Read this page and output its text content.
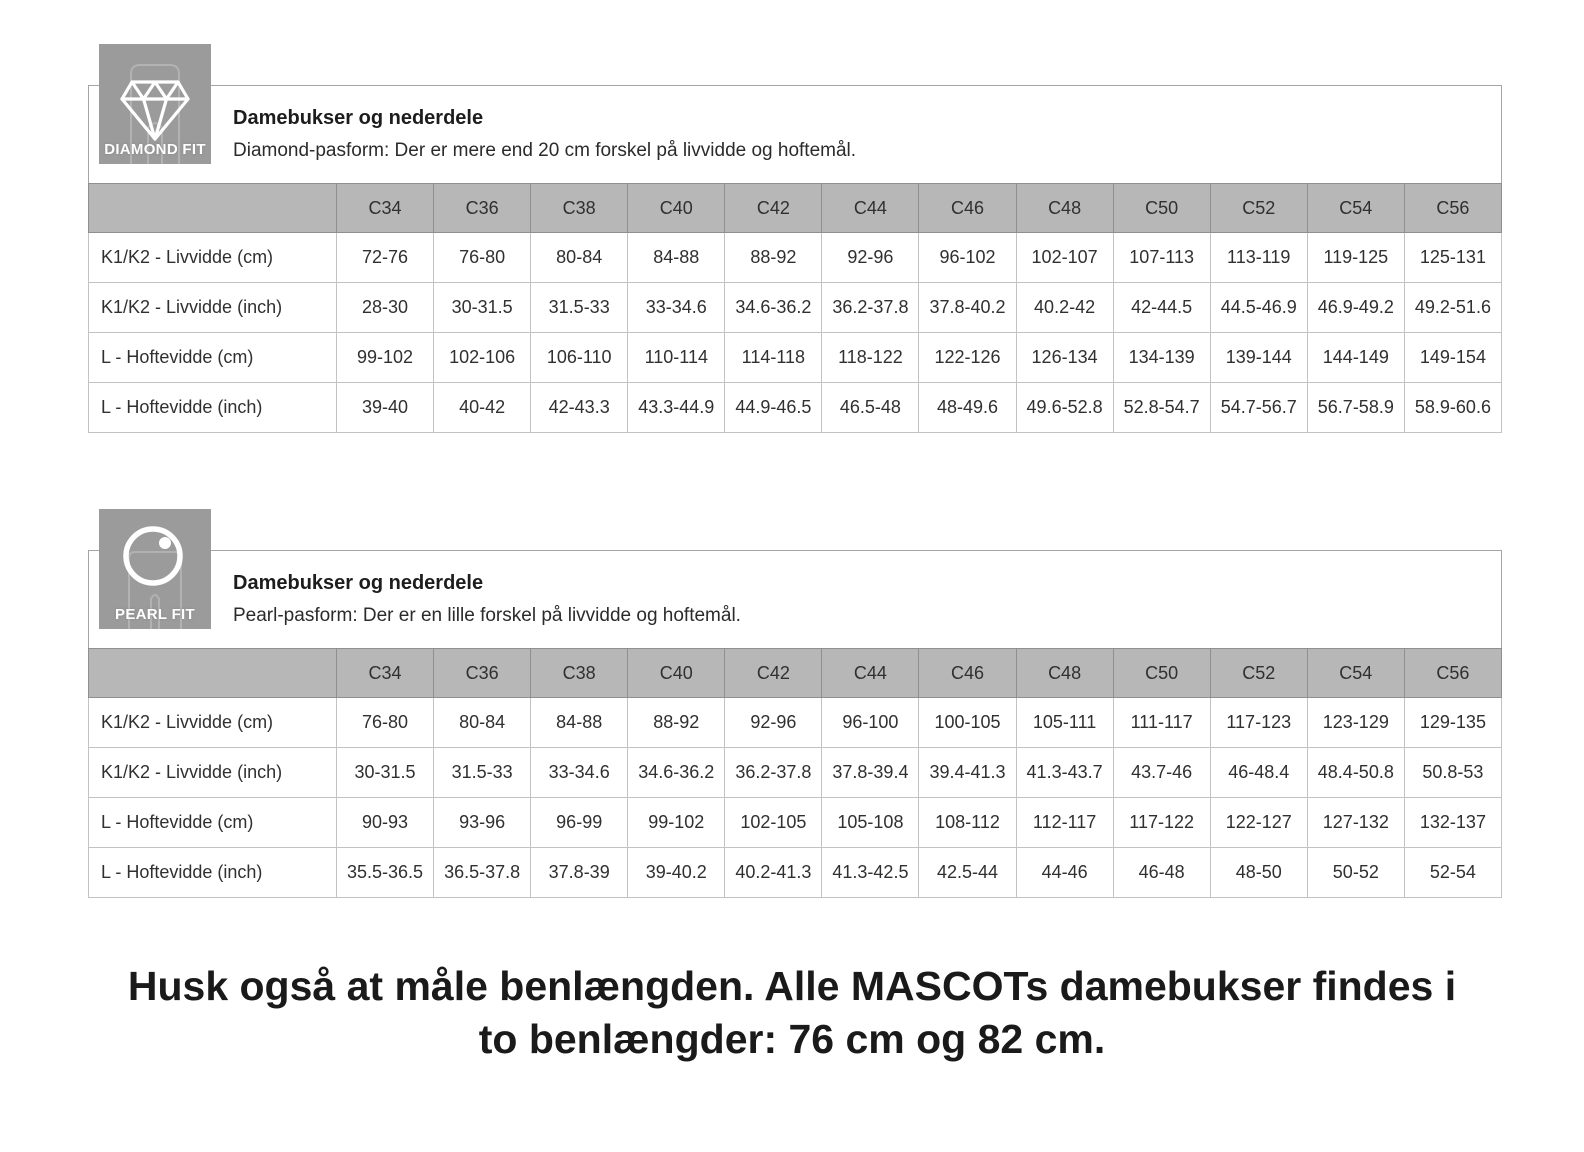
DIAMOND FIT
Damebukser og nederdele
Diamond-pasform: Der er mere end 20 cm forskel på livvidde og hoftemål.
	C34	C36	C38	C40	C42	C44	C46	C48	C50	C52	C54	C56
K1/K2 - Livvidde (cm)	72-76	76-80	80-84	84-88	88-92	92-96	96-102	102-107	107-113	113-119	119-125	125-131
K1/K2 - Livvidde (inch)	28-30	30-31.5	31.5-33	33-34.6	34.6-36.2	36.2-37.8	37.8-40.2	40.2-42	42-44.5	44.5-46.9	46.9-49.2	49.2-51.6
L - Hoftevidde (cm)	99-102	102-106	106-110	110-114	114-118	118-122	122-126	126-134	134-139	139-144	144-149	149-154
L - Hoftevidde (inch)	39-40	40-42	42-43.3	43.3-44.9	44.9-46.5	46.5-48	48-49.6	49.6-52.8	52.8-54.7	54.7-56.7	56.7-58.9	58.9-60.6
PEARL FIT
Damebukser og nederdele
Pearl-pasform: Der er en lille forskel på livvidde og hoftemål.
	C34	C36	C38	C40	C42	C44	C46	C48	C50	C52	C54	C56
K1/K2 - Livvidde (cm)	76-80	80-84	84-88	88-92	92-96	96-100	100-105	105-111	111-117	117-123	123-129	129-135
K1/K2 - Livvidde (inch)	30-31.5	31.5-33	33-34.6	34.6-36.2	36.2-37.8	37.8-39.4	39.4-41.3	41.3-43.7	43.7-46	46-48.4	48.4-50.8	50.8-53
L - Hoftevidde (cm)	90-93	93-96	96-99	99-102	102-105	105-108	108-112	112-117	117-122	122-127	127-132	132-137
L - Hoftevidde (inch)	35.5-36.5	36.5-37.8	37.8-39	39-40.2	40.2-41.3	41.3-42.5	42.5-44	44-46	46-48	48-50	50-52	52-54
Husk også at måle benlængden. Alle MASCOTs damebukser findes i
to benlængder: 76 cm og 82 cm.
